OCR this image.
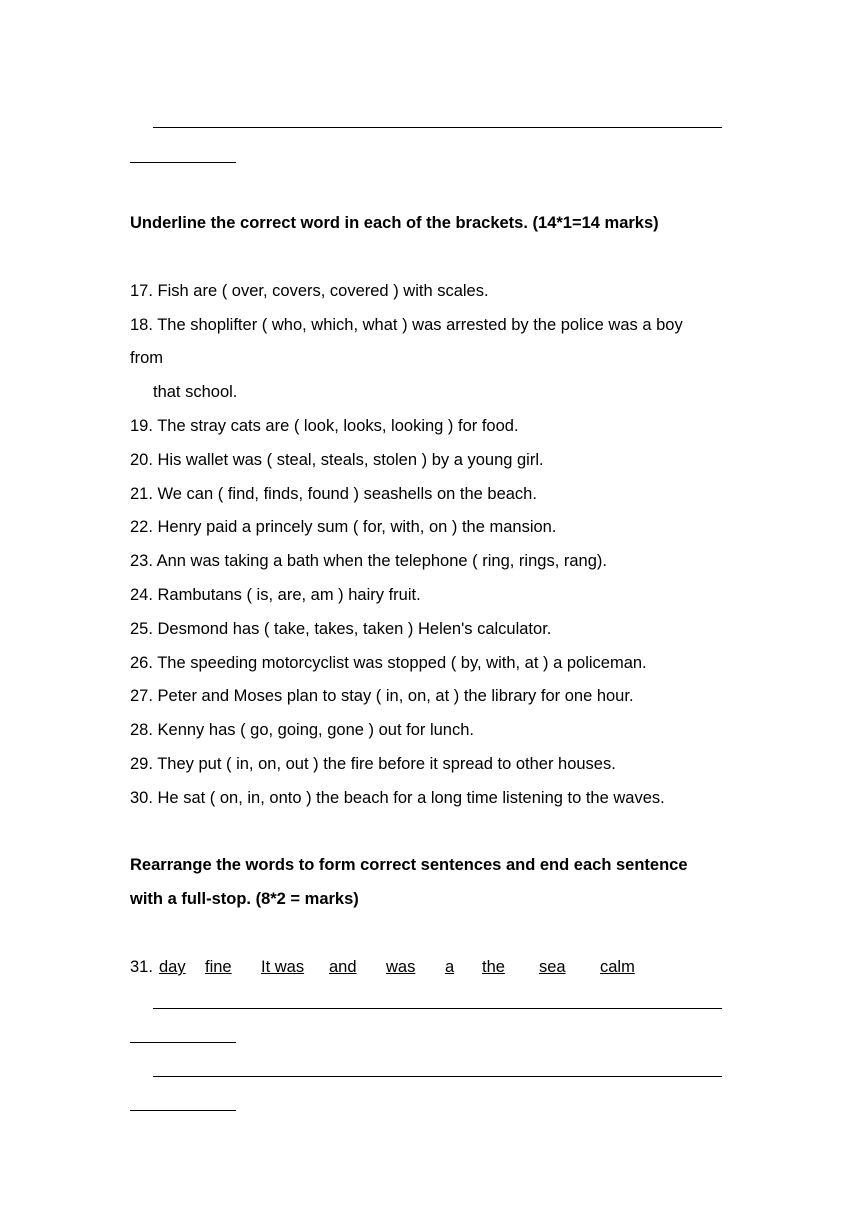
Underline the correct word in each of the brackets. (14*1=14 marks)
17. Fish are ( over, covers, covered ) with scales.
18. The shoplifter ( who, which, what ) was arrested by the police was a boy
from
that school.
19. The stray cats are ( look, looks, looking ) for food.
20. His wallet was ( steal, steals, stolen ) by a young girl.
21. We can ( find, finds, found ) seashells on the beach.
22. Henry paid a princely sum ( for, with, on ) the mansion.
23. Ann was taking a bath when the telephone ( ring, rings, rang).
24. Rambutans ( is, are, am ) hairy fruit.
25. Desmond has ( take, takes, taken ) Helen's calculator.
26. The speeding motorcyclist was stopped ( by, with, at ) a policeman.
27. Peter and Moses plan to stay ( in, on, at ) the library for one hour.
28. Kenny has ( go, going, gone ) out for lunch.
29. They put ( in, on, out ) the fire before it spread to other houses.
30. He sat ( on, in, onto ) the beach for a long time listening to the waves.
Rearrange the words to form correct sentences and end each sentence
with a full-stop. (8*2 = marks)
31. day fine It was and was a the sea calm
